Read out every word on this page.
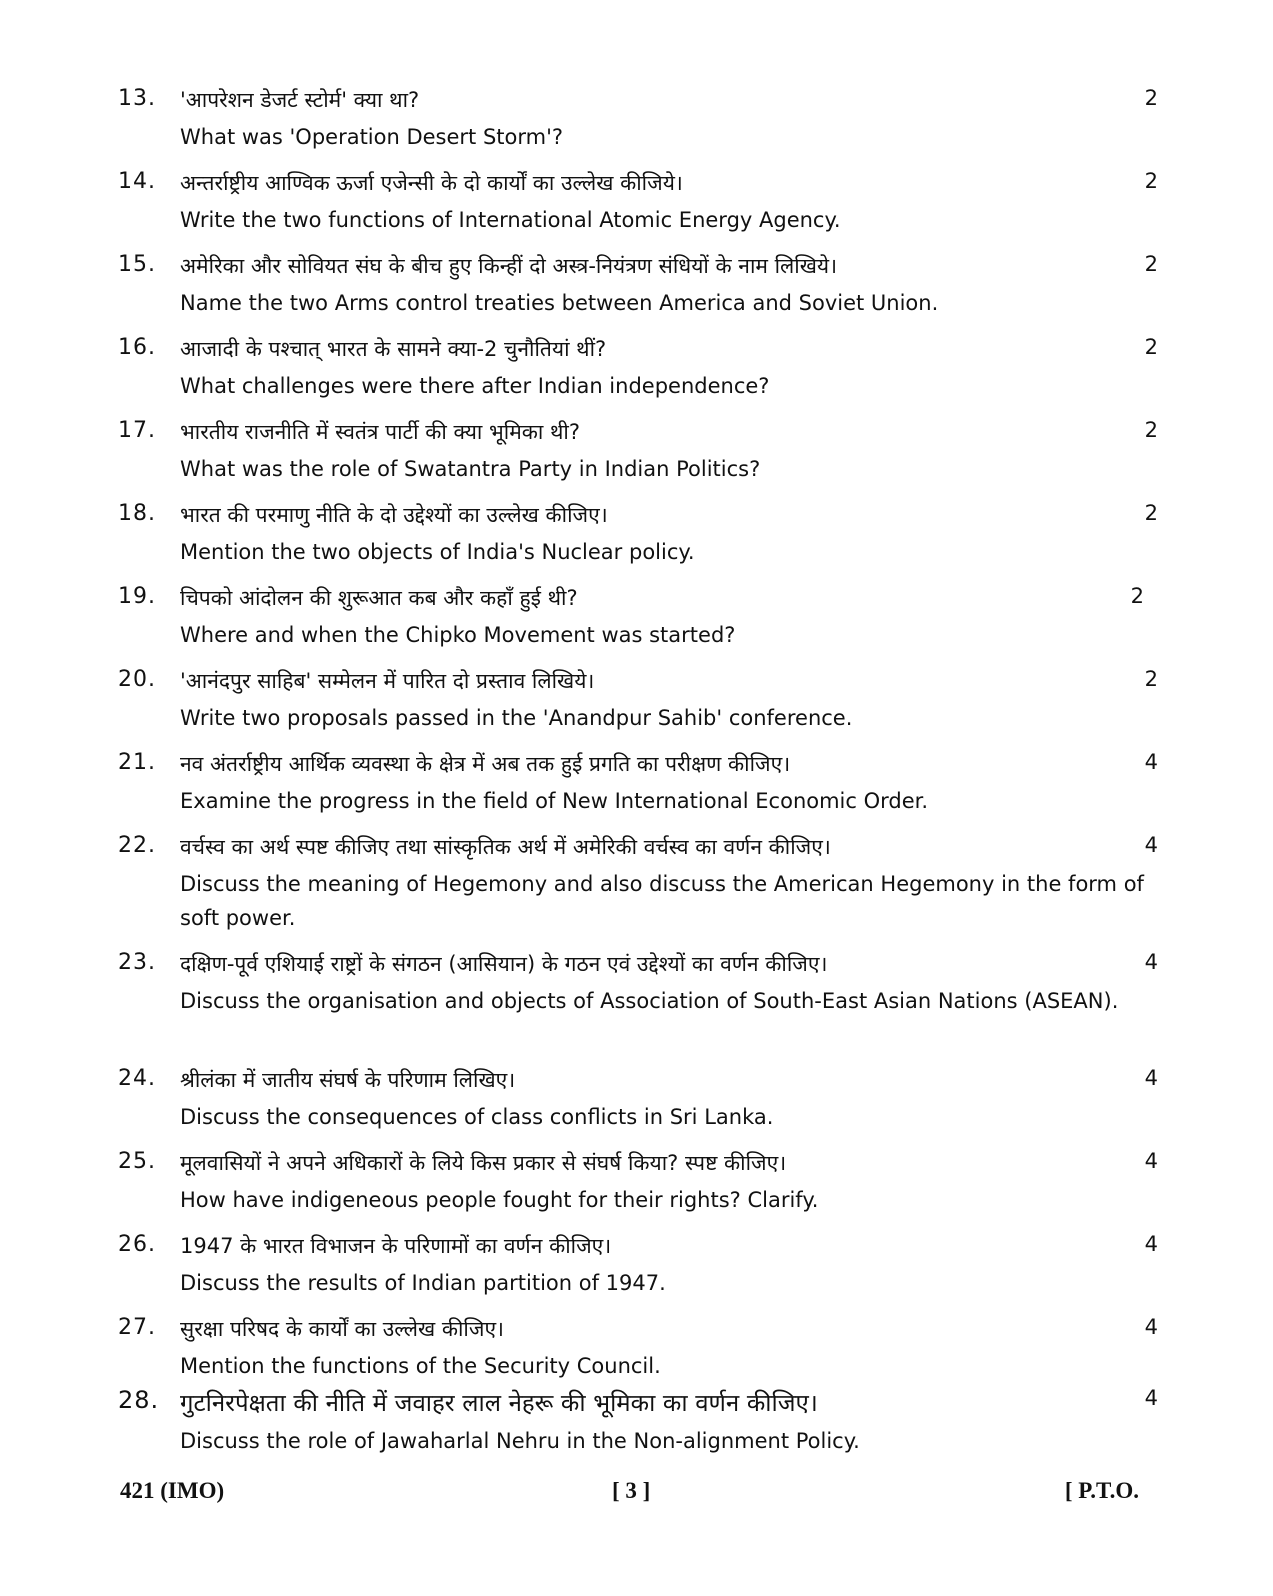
13. 'आपरेशन डेजर्ट स्टोर्म' क्या था?	2
What was 'Operation Desert Storm'?
14. अन्तर्राष्ट्रीय आण्विक ऊर्जा एजेन्सी के दो कार्यों का उल्लेख कीजिये।	2
Write the two functions of International Atomic Energy Agency.
15. अमेरिका और सोवियत संघ के बीच हुए किन्हीं दो अस्त्र-नियंत्रण संधियों के नाम लिखिये।	2
Name the two Arms control treaties between America and Soviet Union.
16. आजादी के पश्चात् भारत के सामने क्या-2 चुनौतियां थीं?	2
What challenges were there after Indian independence?
17. भारतीय राजनीति में स्वतंत्र पार्टी की क्या भूमिका थी?	2
What was the role of Swatantra Party in Indian Politics?
18. भारत की परमाणु नीति के दो उद्देश्यों का उल्लेख कीजिए।	2
Mention the two objects of India's Nuclear policy.
19. चिपको आंदोलन की शुरूआत कब और कहाँ हुई थी?	2
Where and when the Chipko Movement was started?
20. 'आनंदपुर साहिब' सम्मेलन में पारित दो प्रस्ताव लिखिये।	2
Write two proposals passed in the 'Anandpur Sahib' conference.
21. नव अंतर्राष्ट्रीय आर्थिक व्यवस्था के क्षेत्र में अब तक हुई प्रगति का परीक्षण कीजिए।	4
Examine the progress in the field of New International Economic Order.
22. वर्चस्व का अर्थ स्पष्ट कीजिए तथा सांस्कृतिक अर्थ में अमेरिकी वर्चस्व का वर्णन कीजिए।	4
Discuss the meaning of Hegemony and also discuss the American Hegemony in the form of soft power.
23. दक्षिण-पूर्व एशियाई राष्ट्रों के संगठन (आसियान) के गठन एवं उद्देश्यों का वर्णन कीजिए।	4
Discuss the organisation and objects of Association of South-East Asian Nations (ASEAN).
24. श्रीलंका में जातीय संघर्ष के परिणाम लिखिए।	4
Discuss the consequences of class conflicts in Sri Lanka.
25. मूलवासियों ने अपने अधिकारों के लिये किस प्रकार से संघर्ष किया? स्पष्ट कीजिए।	4
How have indigeneous people fought for their rights? Clarify.
26. 1947 के भारत विभाजन के परिणामों का वर्णन कीजिए।	4
Discuss the results of Indian partition of 1947.
27. सुरक्षा परिषद के कार्यों का उल्लेख कीजिए।	4
Mention the functions of the Security Council.
28. गुटनिरपेक्षता की नीति में जवाहर लाल नेहरू की भूमिका का वर्णन कीजिए।	4
Discuss the role of Jawaharlal Nehru in the Non-alignment Policy.
421 (IMO)	[ 3 ]	[ P.T.O.
